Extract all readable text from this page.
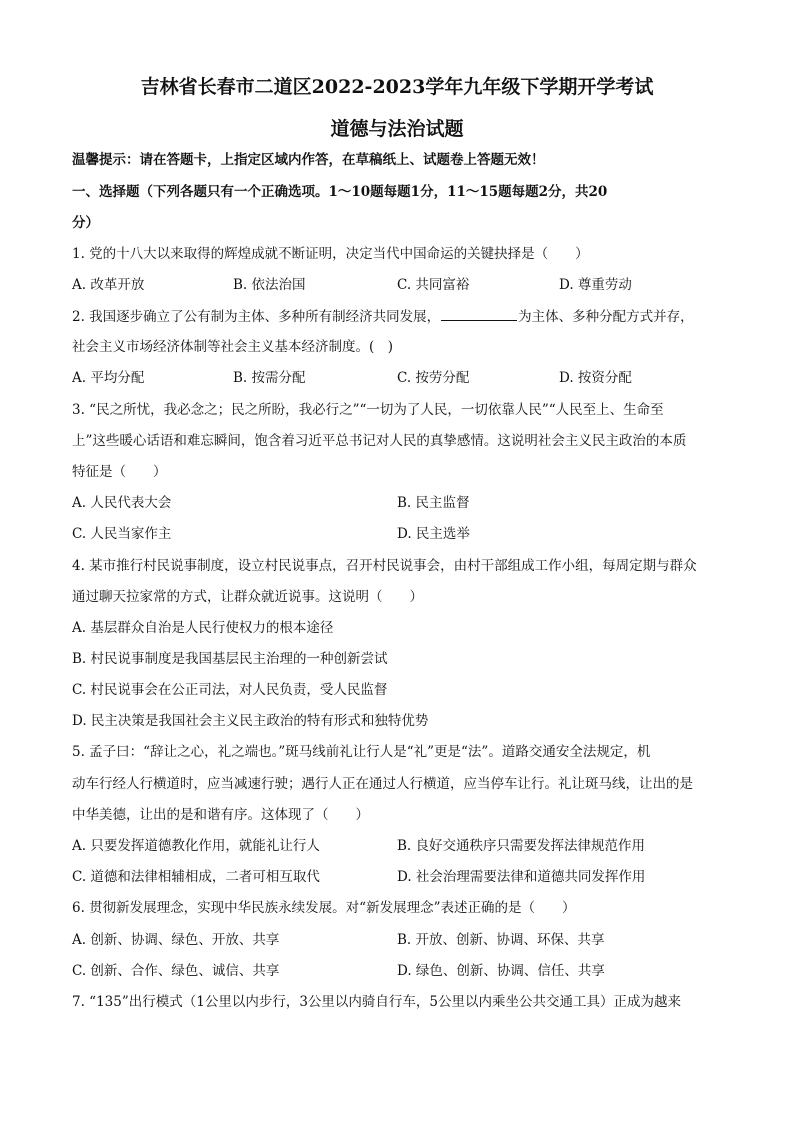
吉林省长春市二道区2022-2023学年九年级下学期开学考试
道德与法治试题
温馨提示：请在答题卡，上指定区域内作答，在草稿纸上、试题卷上答题无效！
一、选择题（下列各题只有一个正确选项。1～10题每题1分，11～15题每题2分，共20
分）
1. 党的十八大以来取得的辉煌成就不断证明，决定当代中国命运的关键抉择是（　　）
A. 改革开放	B. 依法治国	C. 共同富裕	D. 尊重劳动
2. 我国逐步确立了公有制为主体、多种所有制经济共同发展，	为主体、多种分配方式并存，
社会主义市场经济体制等社会主义基本经济制度。(　)
A. 平均分配	B. 按需分配	C. 按劳分配	D. 按资分配
3. “民之所忧，我必念之；民之所盼，我必行之”“一切为了人民，一切依靠人民”“人民至上、生命至
上”这些暖心话语和难忘瞬间，饱含着习近平总书记对人民的真挚感情。这说明社会主义民主政治的本质
特征是（　　）
A. 人民代表大会	B. 民主监督
C. 人民当家作主	D. 民主选举
4. 某市推行村民说事制度，设立村民说事点，召开村民说事会，由村干部组成工作小组，每周定期与群众
通过聊天拉家常的方式，让群众就近说事。这说明（　　）
A. 基层群众自治是人民行使权力的根本途径
B. 村民说事制度是我国基层民主治理的一种创新尝试
C. 村民说事会在公正司法，对人民负责，受人民监督
D. 民主决策是我国社会主义民主政治的特有形式和独特优势
5. 孟子曰：“辞让之心，礼之端也。”斑马线前礼让行人是“礼”更是“法”。道路交通安全法规定，机
动车行经人行横道时，应当减速行驶；遇行人正在通过人行横道，应当停车让行。礼让斑马线，让出的是
中华美德，让出的是和谐有序。这体现了（　　）
A. 只要发挥道德教化作用，就能礼让行人	B. 良好交通秩序只需要发挥法律规范作用
C. 道德和法律相辅相成，二者可相互取代	D. 社会治理需要法律和道德共同发挥作用
6. 贯彻新发展理念，实现中华民族永续发展。对“新发展理念”表述正确的是（　　）
A. 创新、协调、绿色、开放、共享	B. 开放、创新、协调、环保、共享
C. 创新、合作、绿色、诚信、共享	D. 绿色、创新、协调、信任、共享
7. “135”出行模式（1公里以内步行，3公里以内骑自行车，5公里以内乘坐公共交通工具）正成为越来
